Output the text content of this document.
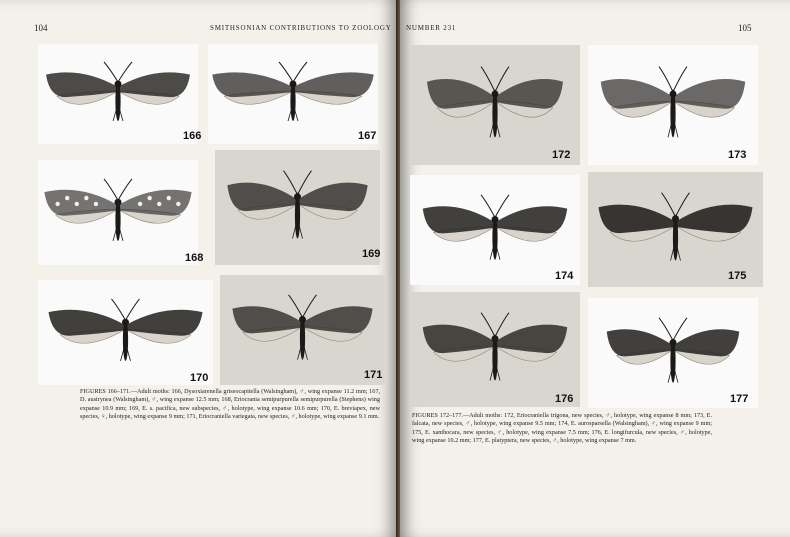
104	SMITHSONIAN CONTRIBUTIONS TO ZOOLOGY
166	167
168	169
170	171

FIGURES 166–171.—Adult moths: 166, Dysoxiarenella griseocapitella (Walsingham), ♂, wing expanse 11.2 mm; 167, D. austrynea (Walsingham), ♂, wing expanse 12.5 mm; 168, Eriocrania semipurpurella semipurpurella (Stephens) wing expanse 10.9 mm; 169, E. s. pacifica, new subspecies, ♂, holotype, wing expanse 10.6 mm; 170, E. breviapex, new species, ♀, holotype, wing expanse 9 mm; 171, Eriocraniella variegata, new species, ♂, holotype, wing expanse 9.1 mm.

NUMBER 231	105
172	173
174	175
176	177

FIGURES 172–177.—Adult moths: 172, Eriocraniella trigona, new species, ♂, holotype, wing expanse 8 mm; 173, E. falcata, new species, ♂, holotype, wing expanse 9.5 mm; 174, E. aurosparsella (Walsingham), ♂, wing expanse 9 mm; 175, E. xanthocara, new species, ♂, holotype, wing expanse 7.5 mm; 176, E. longifurcula, new species, ♂, holotype, wing expanse 10.2 mm; 177, E. platyptera, new species, ♂, holotype, wing expanse 7 mm.
